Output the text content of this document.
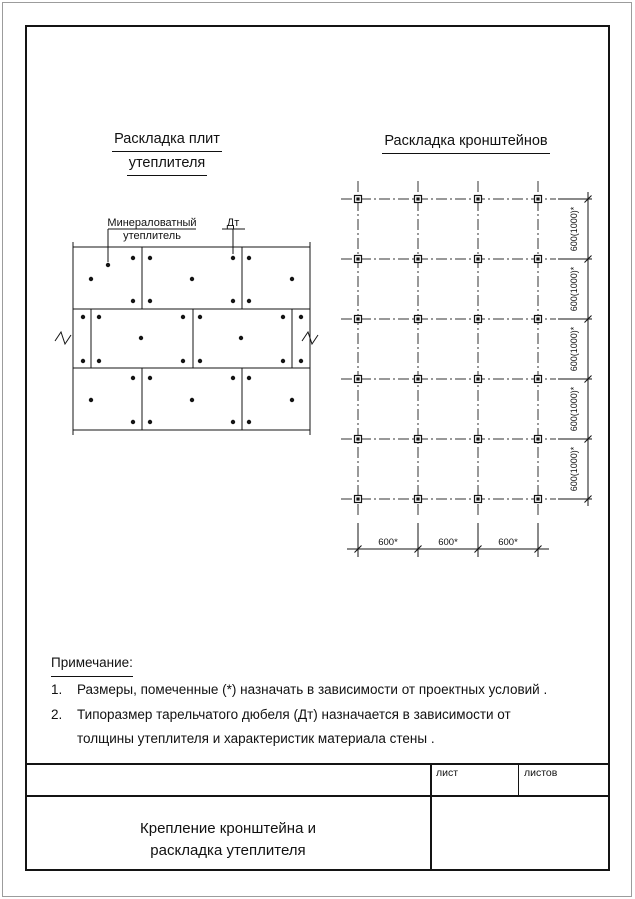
Раскладка плит
утеплителя
Раскладка кронштейнов
Минераловатный
утеплитель
Дт	600(1000)*
600(1000)*
600(1000)*
600(1000)*
600(1000)*
600*	600*	600*
Примечание:
1.	Размеры, помеченные (*) назначать в зависимости от проектных условий .
2.	Типоразмер тарельчатого дюбеля (Дт) назначается в зависимости от
толщины утеплителя и характеристик материала стены .
лист	листов
Крепление кронштейна и
раскладка утеплителя
